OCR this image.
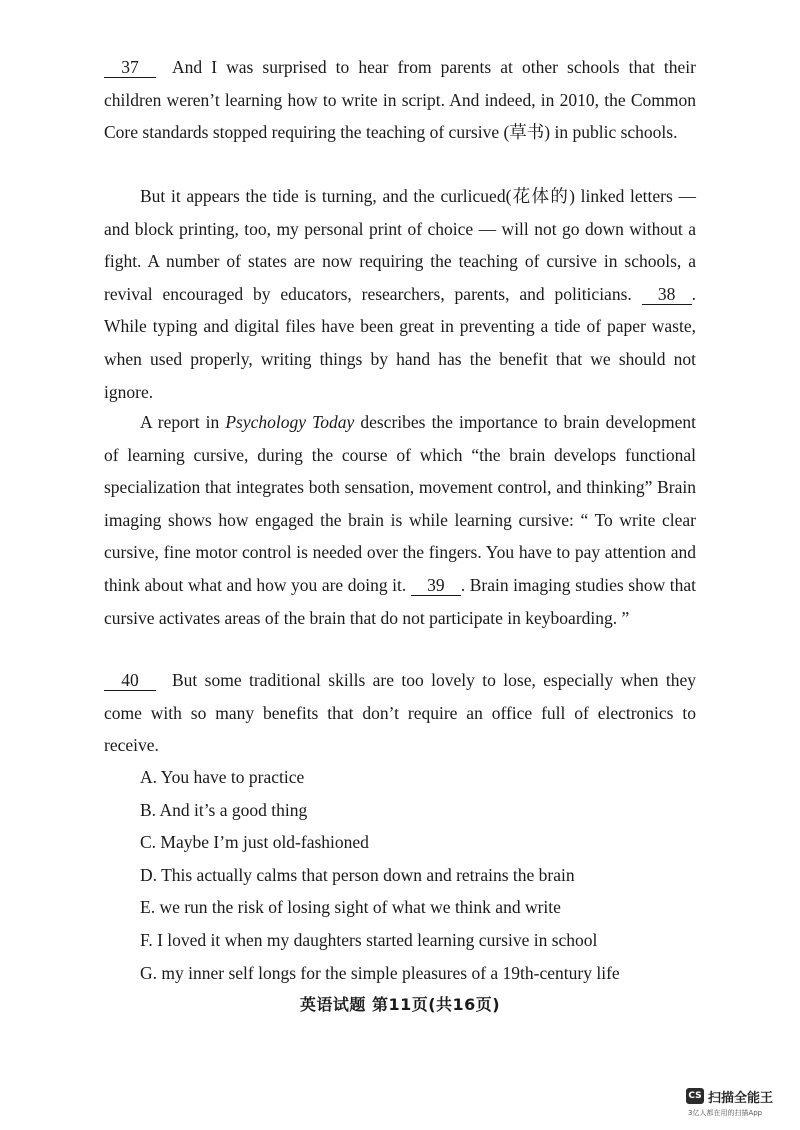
37 And I was surprised to hear from parents at other schools that their children weren’t learning how to write in script. And indeed, in 2010, the Common Core standards stopped requiring the teaching of cursive (草书) in public schools.

But it appears the tide is turning, and the curlicued(花体的) linked letters — and block printing, too, my personal print of choice — will not go down without a fight. A number of states are now requiring the teaching of cursive in schools, a revival encouraged by educators, researchers, parents, and politicians. 38 . While typing and digital files have been great in preventing a tide of paper waste, when used properly, writing things by hand has the benefit that we should not ignore.

A report in Psychology Today describes the importance to brain development of learning cursive, during the course of which “the brain develops functional specialization that integrates both sensation, movement control, and thinking” Brain imaging shows how engaged the brain is while learning cursive: “ To write clear cursive, fine motor control is needed over the fingers. You have to pay attention and think about what and how you are doing it. 39 . Brain imaging studies show that cursive activates areas of the brain that do not participate in keyboarding. ”

40 But some traditional skills are too lovely to lose, especially when they come with so many benefits that don’t require an office full of electronics to receive.

A. You have to practice
B. And it’s a good thing
C. Maybe I’m just old-fashioned
D. This actually calms that person down and retrains the brain
E. we run the risk of losing sight of what we think and write
F. I loved it when my daughters started learning cursive in school
G. my inner self longs for the simple pleasures of a 19th-century life
英语试题 第11页(共16页)
CS 扫描全能王
3亿人都在用的扫描App
